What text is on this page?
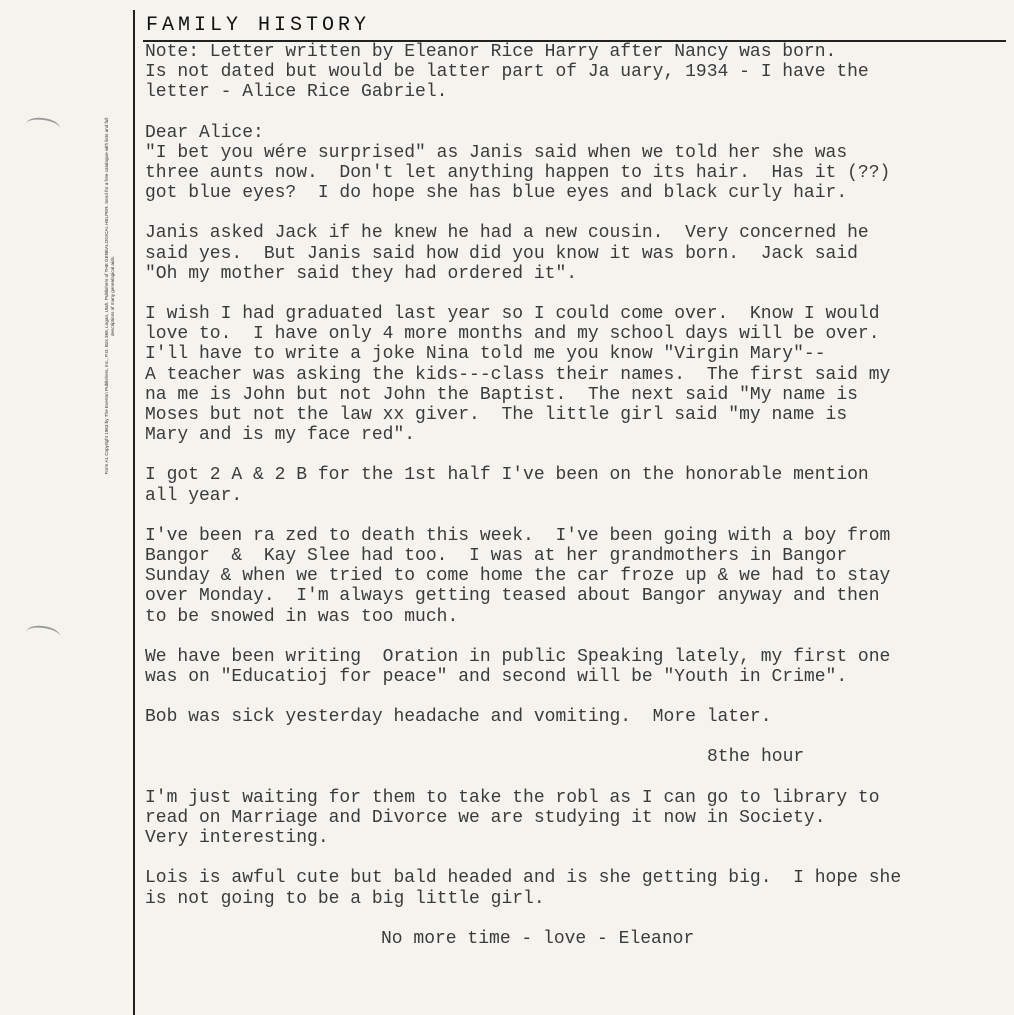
FAMILY HISTORY
Form A1 Copyright 1963 by The Everton Publishers, Inc., P.O. Box 368, Logan, Utah. Publishers of THE GENEALOGICAL HELPER. Send for a free catalogue with lists and full descriptions of many genealogical aids.

Note: Letter written by Eleanor Rice Harry after Nancy was born.

Is not dated but would be latter part of Ja uary, 1934 - I have the

letter - Alice Rice Gabriel.

Dear Alice:

"I bet you wére surprised" as Janis said when we told her she was

three aunts now.  Don't let anything happen to its hair.  Has it (??)

got blue eyes?  I do hope she has blue eyes and black curly hair.

Janis asked Jack if he knew he had a new cousin.  Very concerned he

said yes.  But Janis said how did you know it was born.  Jack said

"Oh my mother said they had ordered it".

I wish I had graduated last year so I could come over.  Know I would

love to.  I have only 4 more months and my school days will be over.

I'll have to write a joke Nina told me you know "Virgin Mary"--

A teacher was asking the kids---class their names.  The first said my

na me is John but not John the Baptist.  The next said "My name is

Moses but not the law xx giver.  The little girl said "my name is

Mary and is my face red".

I got 2 A & 2 B for the 1st half I've been on the honorable mention

all year.

I've been ra zed to death this week.  I've been going with a boy from

Bangor  &  Kay Slee had too.  I was at her grandmothers in Bangor

Sunday & when we tried to come home the car froze up & we had to stay

over Monday.  I'm always getting teased about Bangor anyway and then

to be snowed in was too much.

We have been writing  Oration in public Speaking lately, my first one

was on "Educatioj for peace" and second will be "Youth in Crime".

Bob was sick yesterday headache and vomiting.  More later.

8the hour

I'm just waiting for them to take the robl as I can go to library to

read on Marriage and Divorce we are studying it now in Society.

Very interesting.

Lois is awful cute but bald headed and is she getting big.  I hope she

is not going to be a big little girl.

No more time - love - Eleanor
